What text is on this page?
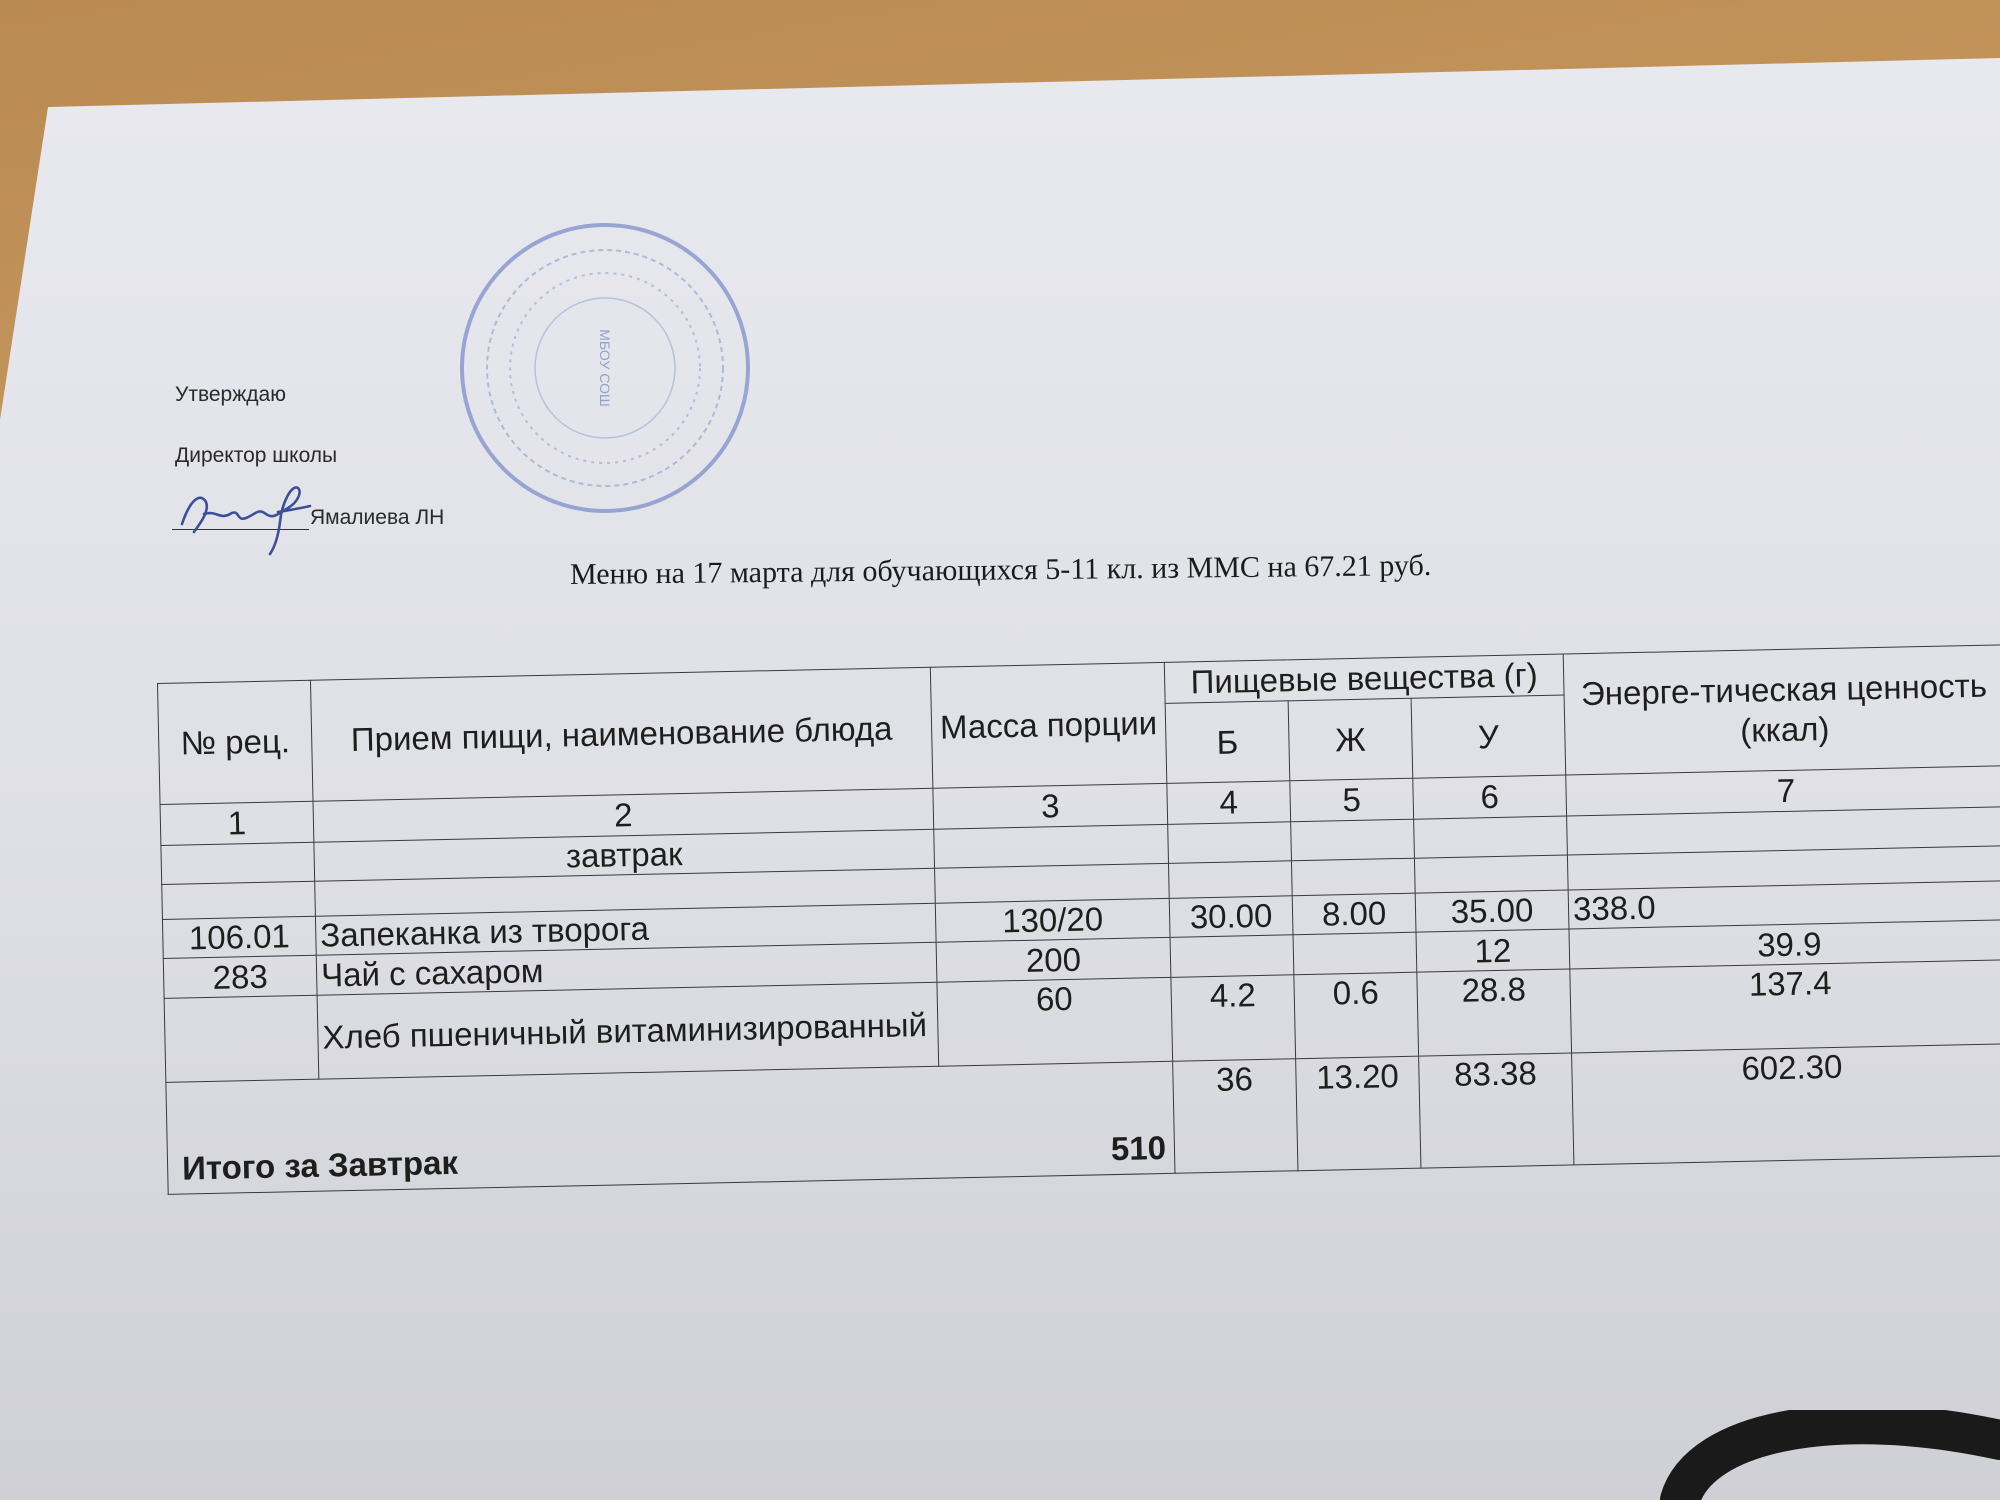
МБОУ СОШ
Утверждаю
Директор школы
Ямалиева ЛН
Меню на 17 марта для обучающихся 5-11 кл. из ММС на 67.21 руб.
№ рец.	Прием пищи, наименование блюда	Масса порции	Пищевые вещества (г)			Энерге-тическая ценность (ккал)
			Б	Ж	У	
1	2	3	4	5	6	7
	завтрак					

106.01	Запеканка из творога	130/20	30.00	8.00	35.00	338.0
283	Чай с сахаром	200			12	39.9
	Хлеб пшеничный витаминизированный	60	4.2	0.6	28.8	137.4
Итого за Завтрак 510			36	13.20	83.38	602.30
